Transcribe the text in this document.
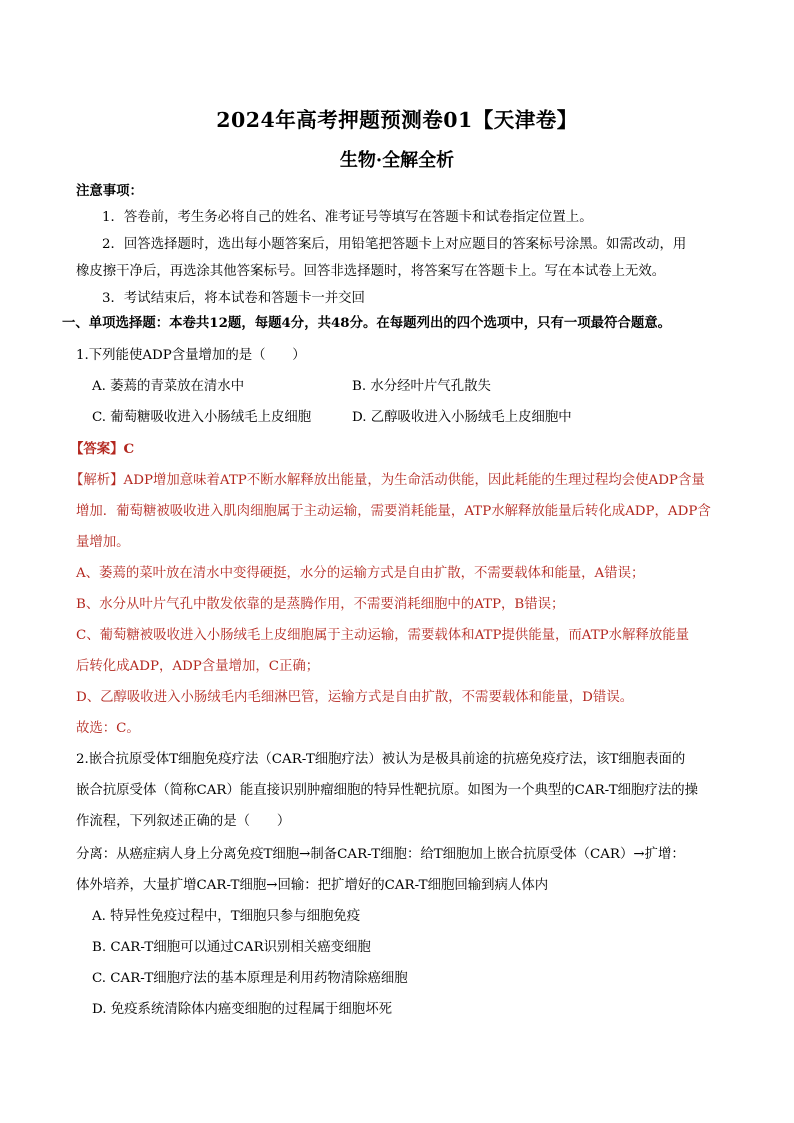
2024年高考押题预测卷01【天津卷】
生物·全解全析
注意事项：
1．答卷前，考生务必将自己的姓名、准考证号等填写在答题卡和试卷指定位置上。
2．回答选择题时，选出每小题答案后，用铅笔把答题卡上对应题目的答案标号涂黑。如需改动，用
橡皮擦干净后，再选涂其他答案标号。回答非选择题时，将答案写在答题卡上。写在本试卷上无效。
3．考试结束后，将本试卷和答题卡一并交回
一、单项选择题：本卷共12题，每题4分，共48分。在每题列出的四个选项中，只有一项最符合题意。
1.下列能使ADP含量增加的是（　　）
A. 萎蔫的青菜放在清水中	B. 水分经叶片气孔散失
C. 葡萄糖吸收进入小肠绒毛上皮细胞	D. 乙醇吸收进入小肠绒毛上皮细胞中
【答案】C
【解析】ADP增加意味着ATP不断水解释放出能量，为生命活动供能，因此耗能的生理过程均会使ADP含量
增加．葡萄糖被吸收进入肌肉细胞属于主动运输，需要消耗能量，ATP水解释放能量后转化成ADP，ADP含
量增加。
A、萎蔫的菜叶放在清水中变得硬挺，水分的运输方式是自由扩散，不需要载体和能量，A错误；
B、水分从叶片气孔中散发依靠的是蒸腾作用，不需要消耗细胞中的ATP，B错误；
C、葡萄糖被吸收进入小肠绒毛上皮细胞属于主动运输，需要载体和ATP提供能量，而ATP水解释放能量
后转化成ADP，ADP含量增加，C正确；
D、乙醇吸收进入小肠绒毛内毛细淋巴管，运输方式是自由扩散，不需要载体和能量，D错误。
故选：C。
2.嵌合抗原受体T细胞免疫疗法（CAR-T细胞疗法）被认为是极具前途的抗癌免疫疗法，该T细胞表面的
嵌合抗原受体（简称CAR）能直接识别肿瘤细胞的特异性靶抗原。如图为一个典型的CAR-T细胞疗法的操
作流程，下列叙述正确的是（　　）
分离：从癌症病人身上分离免疫T细胞→制备CAR-T细胞：给T细胞加上嵌合抗原受体（CAR）→扩增：
体外培养，大量扩增CAR-T细胞→回输：把扩增好的CAR-T细胞回输到病人体内
A. 特异性免疫过程中，T细胞只参与细胞免疫
B. CAR-T细胞可以通过CAR识别相关癌变细胞
C. CAR-T细胞疗法的基本原理是利用药物清除癌细胞
D. 免疫系统清除体内癌变细胞的过程属于细胞坏死
